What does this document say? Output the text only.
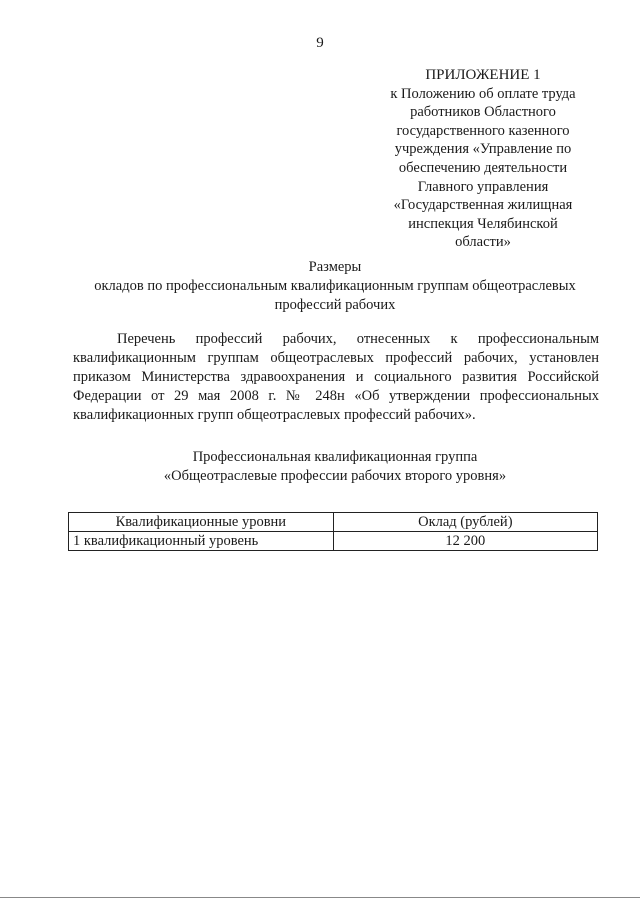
9
ПРИЛОЖЕНИЕ 1
к Положению об оплате труда
работников Областного
государственного казенного
учреждения «Управление по
обеспечению деятельности
Главного управления
«Государственная жилищная
инспекция Челябинской
области»
Размеры
окладов по профессиональным квалификационным группам общеотраслевых
профессий рабочих

Перечень профессий рабочих, отнесенных к профессиональным квалификационным группам общеотраслевых профессий рабочих, установлен приказом Министерства здравоохранения и социального развития Российской Федерации от 29 мая 2008 г. № 248н «Об утверждении профессиональных квалификационных групп общеотраслевых профессий рабочих».

Профессиональная квалификационная группа
«Общеотраслевые профессии рабочих второго уровня»
Квалификационные уровни	Оклад (рублей)
1 квалификационный уровень	12 200
